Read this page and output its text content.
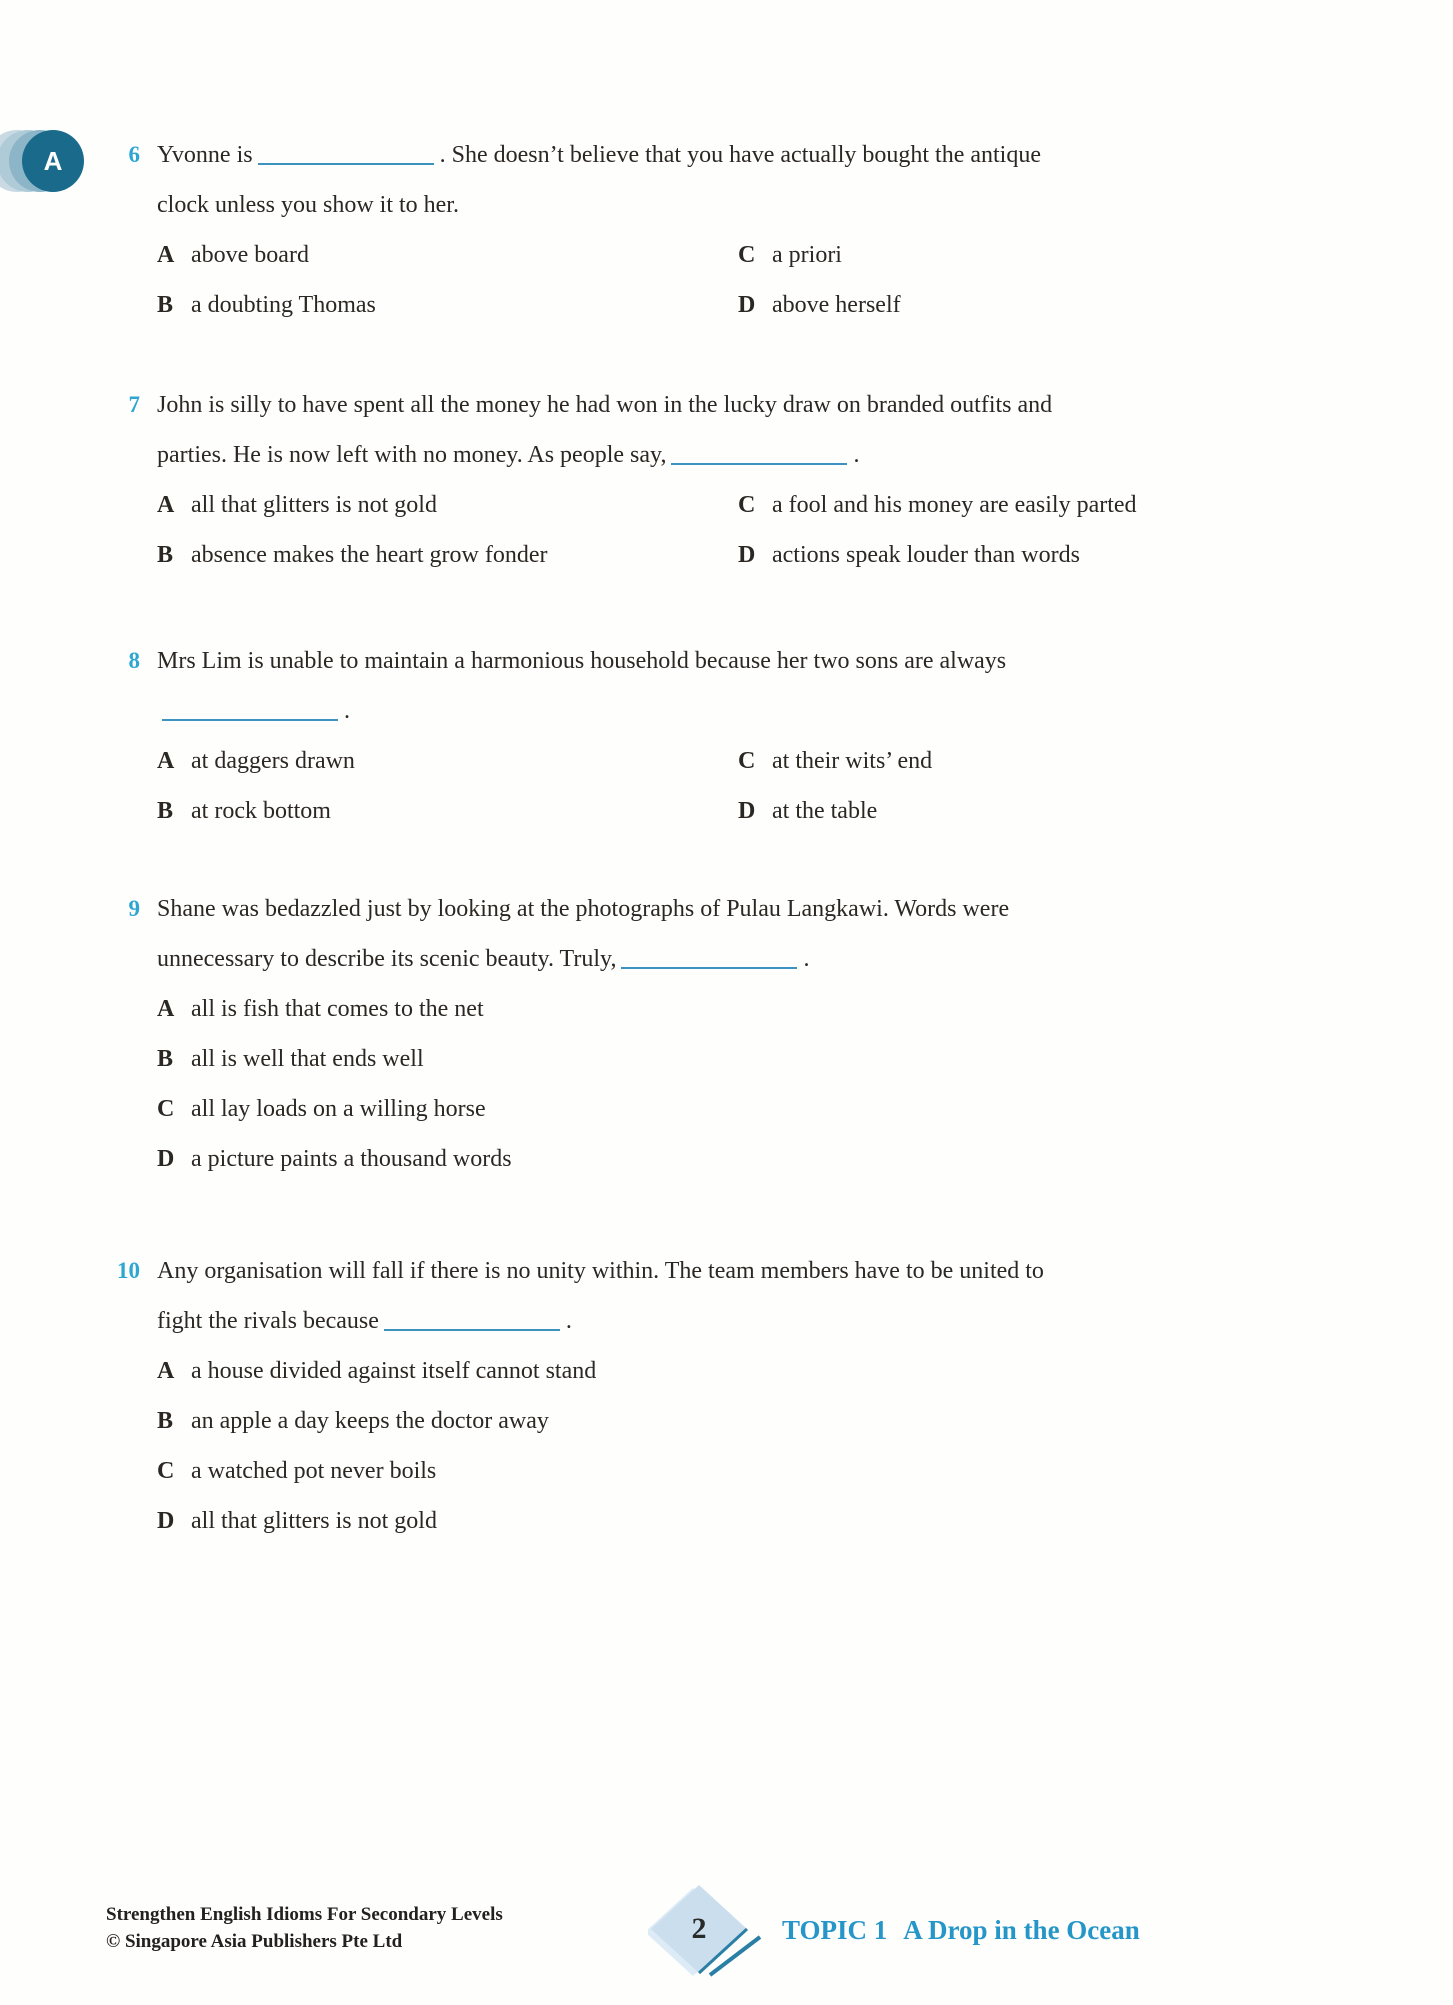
A	6 Yvonne is	. She doesn’t believe that you have actually bought the antique clock unless you show it to her.

A above board
B a doubting Thomas
C a priori
D above herself
7 John is silly to have spent all the money he had won in the lucky draw on branded outfits and parties. He is now left with no money. As people say,	.

A all that glitters is not gold
B absence makes the heart grow fonder
C a fool and his money are easily parted
D actions speak louder than words
8 Mrs Lim is unable to maintain a harmonious household because her two sons are always.

A at daggers drawn
B at rock bottom
C at their wits’ end
D at the table
9 Shane was bedazzled just by looking at the photographs of Pulau Langkawi. Words were unnecessary to describe its scenic beauty. Truly,	.

A all is fish that comes to the net
B all is well that ends well
C all lay loads on a willing horse
D a picture paints a thousand words
10 Any organisation will fall if there is no unity within. The team members have to be united to fight the rivals because	.

A a house divided against itself cannot stand
B an apple a day keeps the doctor away
C a watched pot never boils
D all that glitters is not gold
Strengthen English Idioms For Secondary Levels
© Singapore Asia Publishers Pte Ltd	2	TOPIC 1 A Drop in the Ocean
